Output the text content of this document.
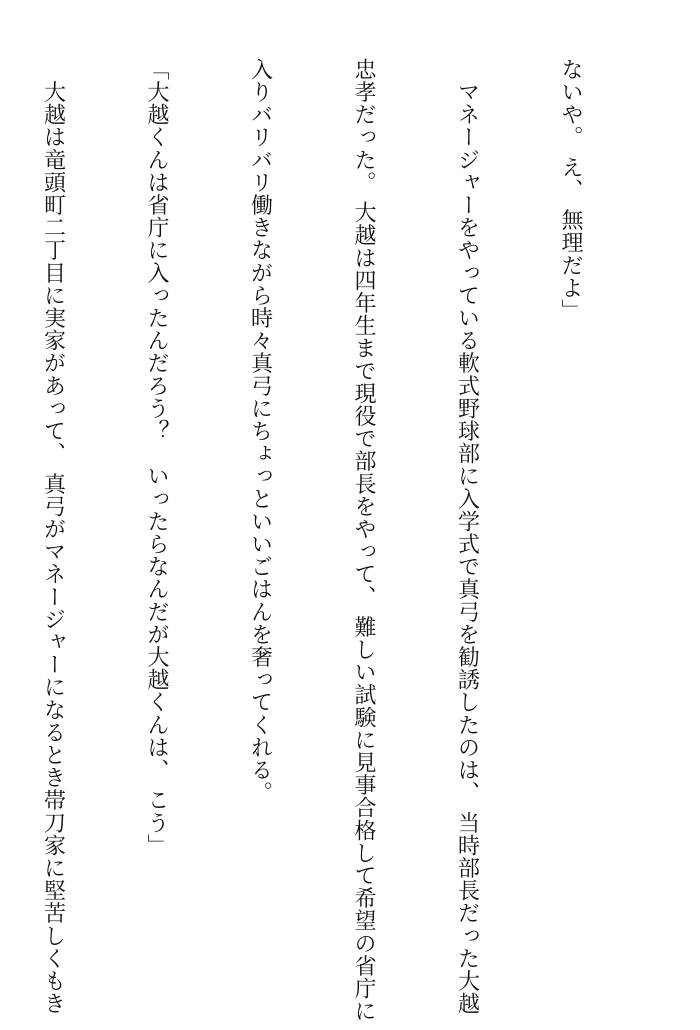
ないや。 え、 無理だよ」

　マネージャーをやっている軟式野球部に入学式で真弓を勧誘したのは、 当時部長だった大越

忠孝だった。 大越は四年生まで現役で部長をやって、 難しい試験に見事合格して希望の省庁に

入りバリバリ働きながら時々真弓にちょっといいごはんを奢ってくれる。

「大越くんは省庁に入ったんだろう？　いったらなんだが大越くんは、 こう」

　大越は竜頭町二丁目に実家があって、 真弓がマネージャーになるとき帯刀家に堅苦しくもき
